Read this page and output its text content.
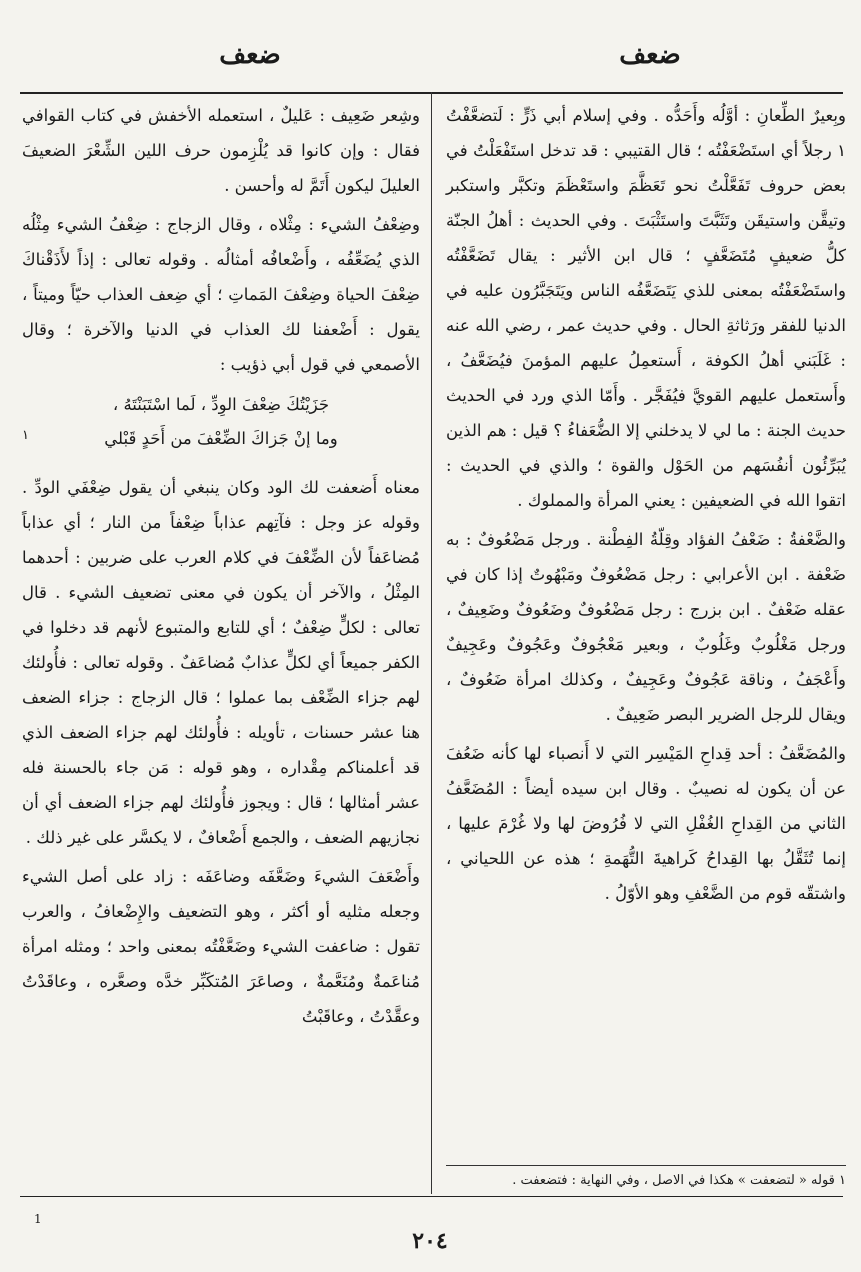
ضعف
ضعف

وبِعيرٌ الطِّعانِ : أوَّلُه وأَحَدُّه . وفي إسلام أبي ذَرٍّ : لَتضعَّفْتُ ١ رجلاً أي استَضْعَفْتُه ؛ قال القتيبي : قد تدخل استَفْعَلْتُ في بعض حروف تَفَعَّلْتُ نحو تَعَظَّمَ واستَعْظَمَ وتكبَّر واستكبر وتيقَّن واستيقَن وتَثَبَّتَ واستَثْبَتَ . وفي الحديث : أهلُ الجنّة كلُّ ضعيفٍ مُتَضَعَّفٍ ؛ قال ابن الأثير : يقال تَضَعَّفْتُه واستَضْعَفْتُه بمعنى للذي يَتَضَعَّفُه الناس ويَتَجَبَّرُون عليه في الدنيا للفقر ورَثاثةِ الحال . وفي حديث عمر ، رضي الله عنه : غَلَبَني أهلُ الكوفة ، أَستعمِلُ عليهم المؤمنَ فيُضَعَّفُ ، وأَستعمل عليهم القويَّ فيُفَجَّر . وأَمّا الذي ورد في الحديث حديث الجنة : ما لي لا يدخلني إلا الضُّعَفاءُ ؟ قيل : هم الذين يُبَرِّئُون أنفُسَهم من الحَوْل والقوة ؛ والذي في الحديث : اتقوا الله في الضعيفين : يعني المرأة والمملوك .

والضَّعْفةُ : ضَعْفُ الفؤاد وقِلّةُ الفِطْنة . ورجل مَضْعُوفٌ : به ضَعْفة . ابن الأعرابي : رجل مَضْعُوفٌ ومَبْهُوتٌ إذا كان في عقله ضَعْفٌ . ابن بزرج : رجل مَضْعُوفٌ وضَعُوفٌ وضَعِيفٌ ، ورجل مَغْلُوبٌ وغَلُوبٌ ، وبعير مَعْجُوفٌ وعَجُوفٌ وعَجِيفٌ وأَعْجَفُ ، وناقة عَجُوفٌ وعَجِيفٌ ، وكذلك امرأة ضَعُوفٌ ، ويقال للرجل الضرير البصر ضَعِيفٌ .

والمُضَعَّفُ : أحد قِداحِ المَيْسِر التي لا أَنصباء لها كأنه ضَعُفَ عن أن يكون له نصيبٌ . وقال ابن سيده أيضاً : المُضَعَّفُ الثاني من القِداحِ الغُفْلِ التي لا فُرُوضَ لها ولا غُرْمَ عليها ، إنما تُثَقَّلُ بها القِداحُ كَراهيةَ التُّهَمةِ ؛ هذه عن اللحياني ، واشتقّه قوم من الضَّعْفِ وهو الأوّلُ .

وشِعر ضَعِيف : عَليلٌ ، استعمله الأخفش في كتاب القوافي فقال : وإن كانوا قد يُلْزِمون حرف اللين الشِّعْرَ الضعيفَ العليلَ ليكون أَتَمَّ له وأحسن .

وضِعْفُ الشيء : مِثْلاه ، وقال الزجاج : ضِعْفُ الشيء مِثْلُه الذي يُضَعِّفُه ، وأَضْعافُه أمثالُه . وقوله تعالى : إذاً لأَذَقْناكَ ضِعْفَ الحياة وضِعْفَ المَماتِ ؛ أي ضِعف العذاب حيّاً وميتاً ، يقول : أَضْعفنا لك العذاب في الدنيا والآخرة ؛ وقال الأصمعي في قول أبي ذؤيب :

جَزَيْتُكَ ضِعْفَ الوِدِّ ، لَما اسْتَبَنْتَهُ ،
وما إنْ جَزاكَ الضِّعْفَ من أَحَدٍ قَبْلي
١

معناه أَضعفت لك الود وكان ينبغي أن يقول ضِعْفَي الودِّ . وقوله عز وجل : فآتِهم عذاباً ضِعْفاً من النار ؛ أي عذاباً مُضاعَفاً لأن الضِّعْفَ في كلام العرب على ضربين : أحدهما المِثْلُ ، والآخر أن يكون في معنى تضعيف الشيء . قال تعالى : لكلٍّ ضِعْفٌ ؛ أي للتابع والمتبوع لأنهم قد دخلوا في الكفر جميعاً أي لكلٍّ عذابٌ مُضاعَفٌ . وقوله تعالى : فأُولئك لهم جزاء الضِّعْف بما عملوا ؛ قال الزجاج : جزاء الضعف هنا عشر حسنات ، تأويله : فأُولئك لهم جزاء الضعف الذي قد أعلمناكم مِقْداره ، وهو قوله : مَن جاء بالحسنة فله عشر أمثالها ؛ قال : ويجوز فأُولئك لهم جزاء الضعف أي أن نجازيهم الضعف ، والجمع أَضْعافٌ ، لا يكسَّر على غير ذلك .

وأَضْعَفَ الشيءَ وضَعَّفَه وضاعَفَه : زاد على أصل الشيء وجعله مثليه أو أكثر ، وهو التضعيف والإِضْعافُ ، والعرب تقول : ضاعفت الشيء وضَعَّفْتُه بمعنى واحد ؛ ومثله امرأة مُناعَمةٌ ومُنَعَّمةٌ ، وصاعَرَ المُتكَبِّر خدَّه وصعَّره ، وعاقَدْتُ وعقَّدْتُ ، وعاقَبْتُ

١ قوله « لتضعفت » هكذا في الاصل ، وفي النهاية : فتضعفت .
1
٢٠٤
